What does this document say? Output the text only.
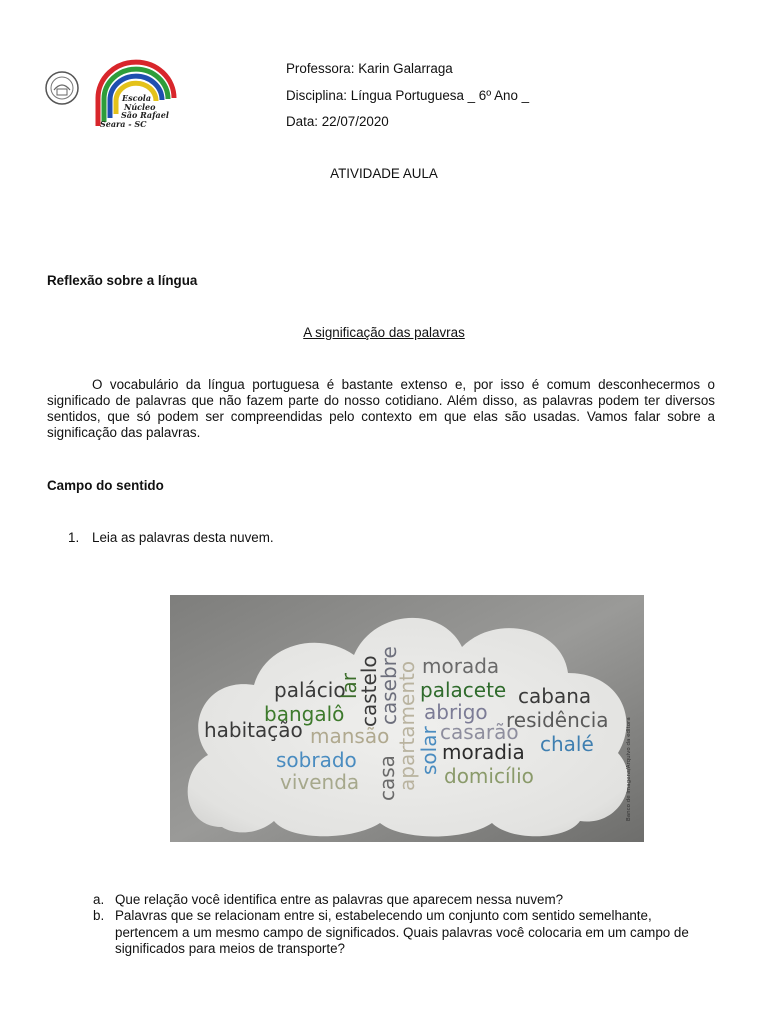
Escola
Núcleo
São Rafael
Seara - SC
Professora: Karin Galarraga
Disciplina: Língua Portuguesa _ 6º Ano _
Data: 22/07/2020
ATIVIDADE AULA
Reflexão sobre a língua
A significação das palavras
O vocabulário da língua portuguesa é bastante extenso e, por isso é comum desconhecermos o significado de palavras que não fazem parte do nosso cotidiano. Além disso, as palavras podem ter diversos sentidos, que só podem ser compreendidas pelo contexto em que elas são usadas. Vamos falar sobre a significação das palavras.
Campo do sentido
1. Leia as palavras desta nuvem.
palácio bangalô habitação mansão sobrado vivenda morada palacete cabana abrigo residência casarão chalé moradia domicílio
lar
castelo
casebre
casa
apartamento
solar	Banco de imagens/Arquivo da editora
a. Que relação você identifica entre as palavras que aparecem nessa nuvem?
b. Palavras que se relacionam entre si, estabelecendo um conjunto com sentido semelhante, pertencem a um mesmo campo de significados. Quais palavras você colocaria em um campo de significados para meios de transporte?
